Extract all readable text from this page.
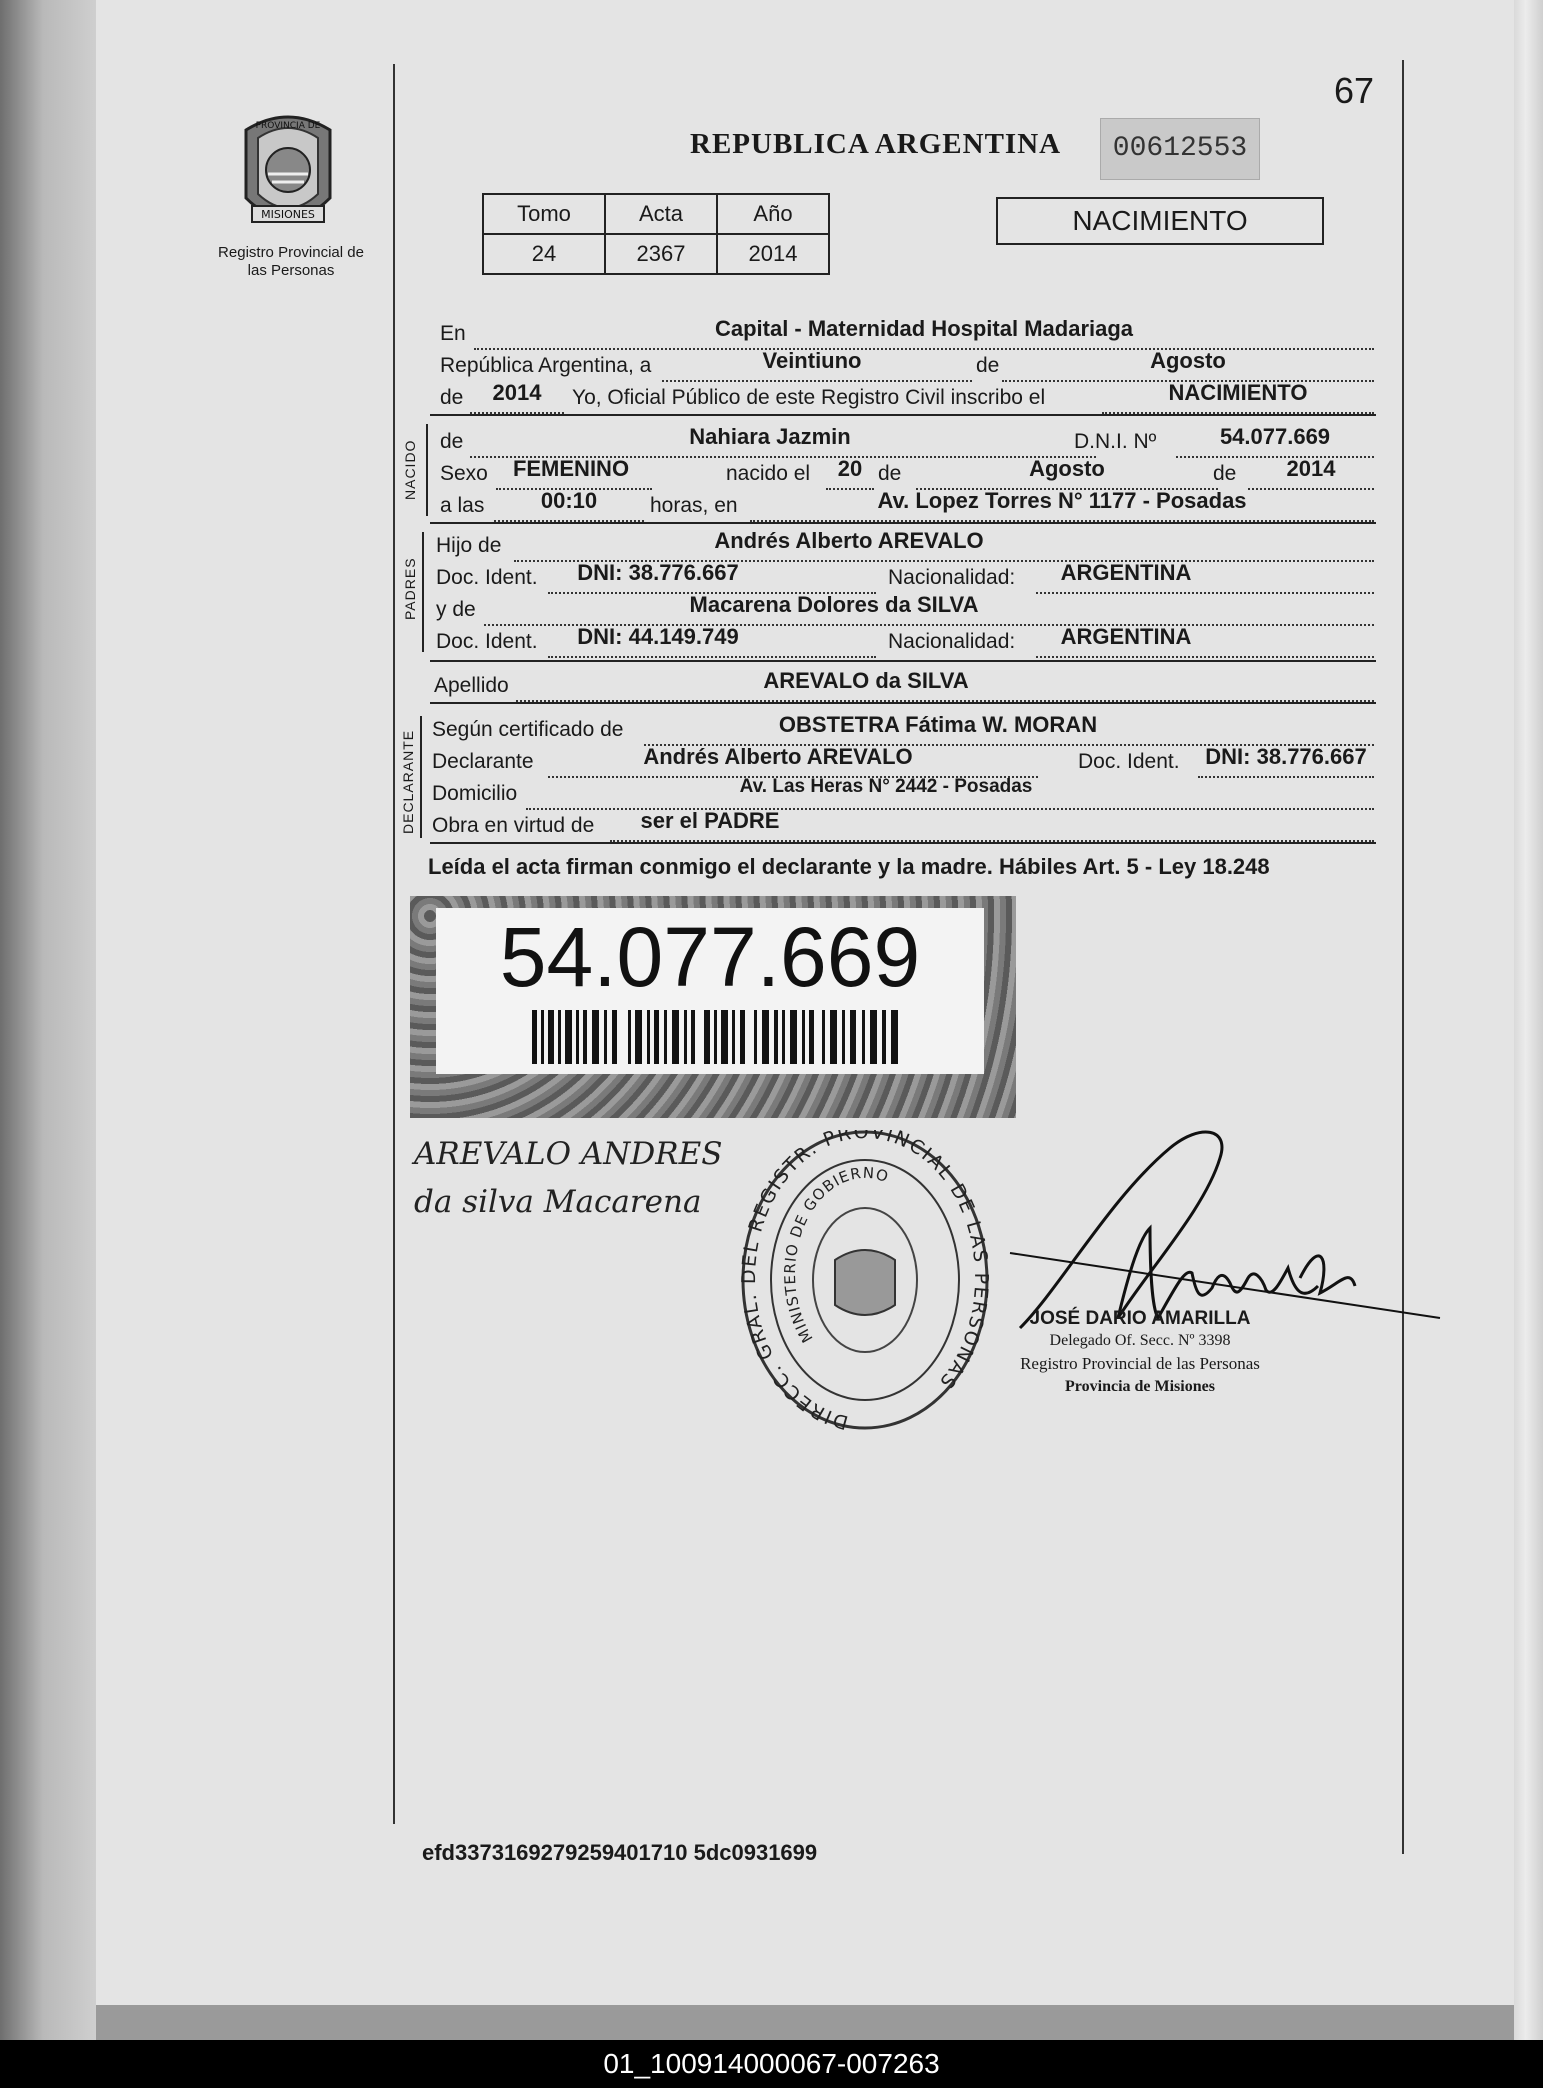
67
PROVINCIA DE
MISIONES
Registro Provincial de las Personas
REPUBLICA ARGENTINA	00612553
Tomo	Acta	Año
24	2367	2014
NACIMIENTO
En	Capital - Maternidad Hospital Madariaga
República Argentina, a	Veintiuno	de	Agosto
de	2014	Yo, Oficial Público de este Registro Civil inscribo el	NACIMIENTO
NACIDO de	Nahiara Jazmin	D.N.I. Nº	54.077.669
Sexo	FEMENINO	nacido el	20 de	Agosto	de	2014
a las	00:10	horas, en	Av. Lopez Torres N° 1177 - Posadas
PADRES
Hijo de	Andrés Alberto AREVALO
Doc. Ident.	DNI: 38.776.667	Nacionalidad:	ARGENTINA
y de	Macarena Dolores da SILVA
Doc. Ident.	DNI: 44.149.749	Nacionalidad:	ARGENTINA
Apellido	AREVALO da SILVA
DECLARANTE
Según certificado de	OBSTETRA Fátima W. MORAN
Declarante	Andrés Alberto AREVALO	Doc. Ident.	DNI: 38.776.667
Domicilio	Av. Las Heras N° 2442 - Posadas
Obra en virtud de	ser el PADRE
Leída el acta firman conmigo el declarante y la madre. Hábiles Art. 5 - Ley 18.248
54.077.669
AREVALO ANDRES
da silva Macarena
DIRECC. GRAL. DEL REGISTR. PROVINCIAL DE LAS PERSONAS
MINISTERIO DE GOBIERNO
JOSÉ DARIO AMARILLA
Delegado Of. Secc. Nº 3398
Registro Provincial de las Personas
Provincia de Misiones
efd3373169279259401710 5dc0931699
01_100914000067-007263
